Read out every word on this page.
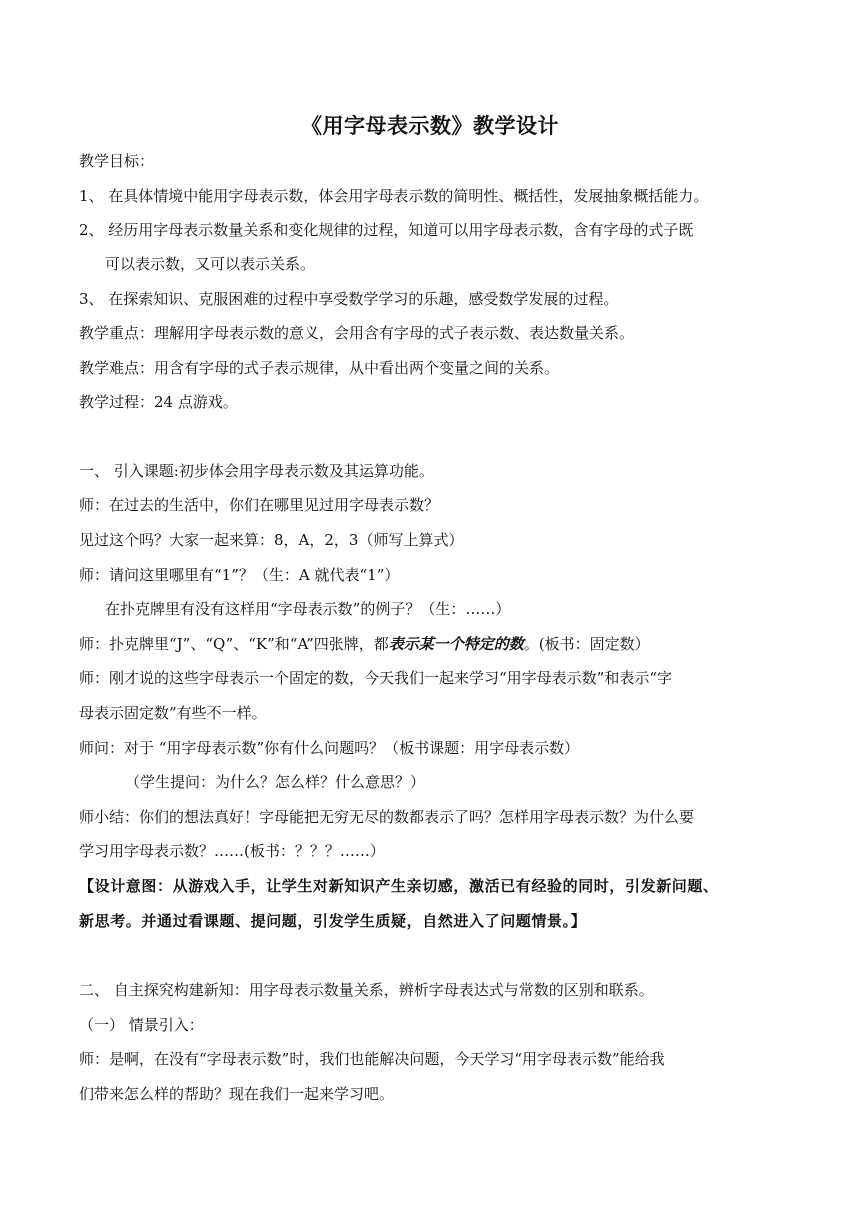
《用字母表示数》教学设计
教学目标：
1、 在具体情境中能用字母表示数，体会用字母表示数的简明性、概括性，发展抽象概括能力。
2、 经历用字母表示数量关系和变化规律的过程，知道可以用字母表示数，含有字母的式子既
可以表示数，又可以表示关系。
3、 在探索知识、克服困难的过程中享受数学学习的乐趣，感受数学发展的过程。
教学重点：理解用字母表示数的意义，会用含有字母的式子表示数、表达数量关系。
教学难点：用含有字母的式子表示规律，从中看出两个变量之间的关系。
教学过程：24 点游戏。
一、 引入课题:初步体会用字母表示数及其运算功能。
师：在过去的生活中，你们在哪里见过用字母表示数？
见过这个吗？大家一起来算：8，A，2，3（师写上算式）
师：请问这里哪里有“1”？（生：A 就代表“1”）
在扑克牌里有没有这样用“字母表示数”的例子？（生：……）
师：扑克牌里“J”、“Q”、“K”和“A”四张牌，都表示某一个特定的数。(板书：固定数）
师：刚才说的这些字母表示一个固定的数，今天我们一起来学习“用字母表示数”和表示“字
母表示固定数”有些不一样。
师问：对于 “用字母表示数”你有什么问题吗？（板书课题：用字母表示数）
（学生提问：为什么？怎么样？什么意思？）
师小结：你们的想法真好！字母能把无穷无尽的数都表示了吗？怎样用字母表示数？为什么要
学习用字母表示数？……(板书：？？？……）
【设计意图：从游戏入手，让学生对新知识产生亲切感，激活已有经验的同时，引发新问题、
新思考。并通过看课题、提问题，引发学生质疑，自然进入了问题情景。】
二、 自主探究构建新知：用字母表示数量关系，辨析字母表达式与常数的区别和联系。
（一） 情景引入：
师：是啊，在没有“字母表示数”时，我们也能解决问题，今天学习“用字母表示数”能给我
们带来怎么样的帮助？现在我们一起来学习吧。
